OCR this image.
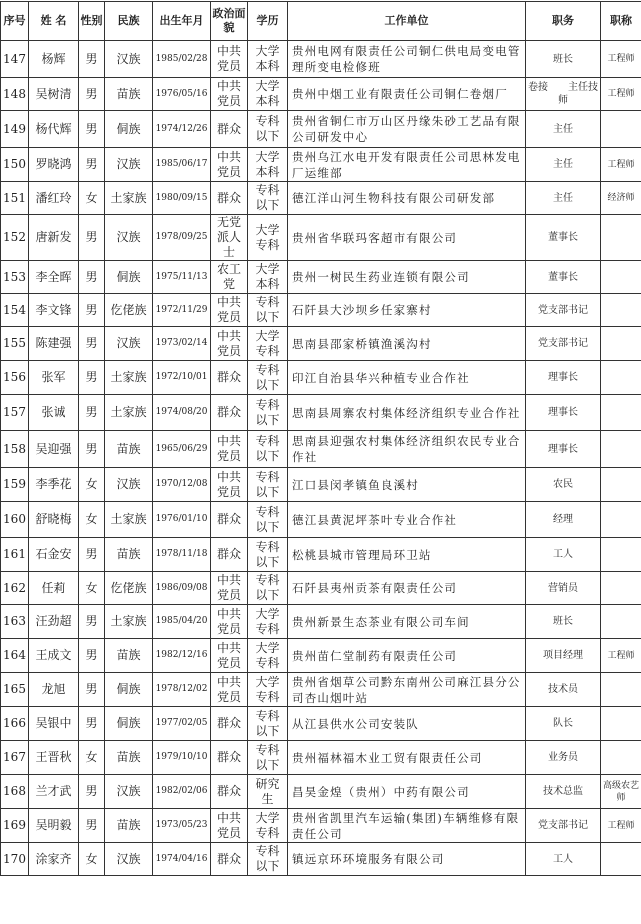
序号	姓 名	性别	民族	出生年月	政治面貌	学历	工作单位	职务	职称
147	杨辉	男	汉族	1985/02/28	中共党员	大学本科	贵州电网有限责任公司铜仁供电局变电管理所变电检修班	班长	工程师
148	吴树清	男	苗族	1976/05/16	中共党员	大学本科	贵州中烟工业有限责任公司铜仁卷烟厂	卷接　　主任技师	工程师
149	杨代辉	男	侗族	1974/12/26	群众	专科以下	贵州省铜仁市万山区丹缘朱砂工艺品有限公司研发中心	主任	
150	罗晓鸿	男	汉族	1985/06/17	中共党员	大学本科	贵州乌江水电开发有限责任公司思林发电厂运维部	主任	工程师
151	潘红玲	女	土家族	1980/09/15	群众	专科以下	德江洋山河生物科技有限公司研发部	主任	经济师
152	唐新发	男	汉族	1978/09/25	无党派人士	大学专科	贵州省华联玛客超市有限公司	董事长	
153	李全晖	男	侗族	1975/11/13	农工党	大学本科	贵州一树民生药业连锁有限公司	董事长	
154	李文锋	男	仡佬族	1972/11/29	中共党员	专科以下	石阡县大沙坝乡任家寨村	党支部书记	
155	陈建强	男	汉族	1973/02/14	中共党员	大学专科	思南县邵家桥镇渔溪沟村	党支部书记	
156	张军	男	土家族	1972/10/01	群众	专科以下	印江自治县华兴种植专业合作社	理事长	
157	张诚	男	土家族	1974/08/20	群众	专科以下	思南县周寨农村集体经济组织专业合作社	理事长	
158	吴迎强	男	苗族	1965/06/29	中共党员	专科以下	思南县迎强农村集体经济组织农民专业合作社	理事长	
159	李季花	女	汉族	1970/12/08	中共党员	专科以下	江口县闵孝镇鱼良溪村	农民	
160	舒晓梅	女	土家族	1976/01/10	群众	专科以下	德江县黄泥坪茶叶专业合作社	经理	
161	石金安	男	苗族	1978/11/18	群众	专科以下	松桃县城市管理局环卫站	工人	
162	任莉	女	仡佬族	1986/09/08	中共党员	专科以下	石阡县夷州贡茶有限责任公司	营销员	
163	汪劲超	男	土家族	1985/04/20	中共党员	大学专科	贵州新景生态茶业有限公司车间	班长	
164	王成文	男	苗族	1982/12/16	中共党员	大学专科	贵州苗仁堂制药有限责任公司	项目经理	工程师
165	龙旭	男	侗族	1978/12/02	中共党员	大学专科	贵州省烟草公司黔东南州公司麻江县分公司杏山烟叶站	技术员	
166	吴银中	男	侗族	1977/02/05	群众	专科以下	从江县供水公司安装队	队长	
167	王晋秋	女	苗族	1979/10/10	群众	专科以下	贵州福林福木业工贸有限责任公司	业务员	
168	兰才武	男	汉族	1982/02/06	群众	研究生	昌昊金煌（贵州）中药有限公司	技术总监	高级农艺师
169	吴明毅	男	苗族	1973/05/23	中共党员	大学专科	贵州省凯里汽车运输(集团)车辆维修有限责任公司	党支部书记	工程师
170	涂家齐	女	汉族	1974/04/16	群众	专科以下	镇远京环环境服务有限公司	工人	
